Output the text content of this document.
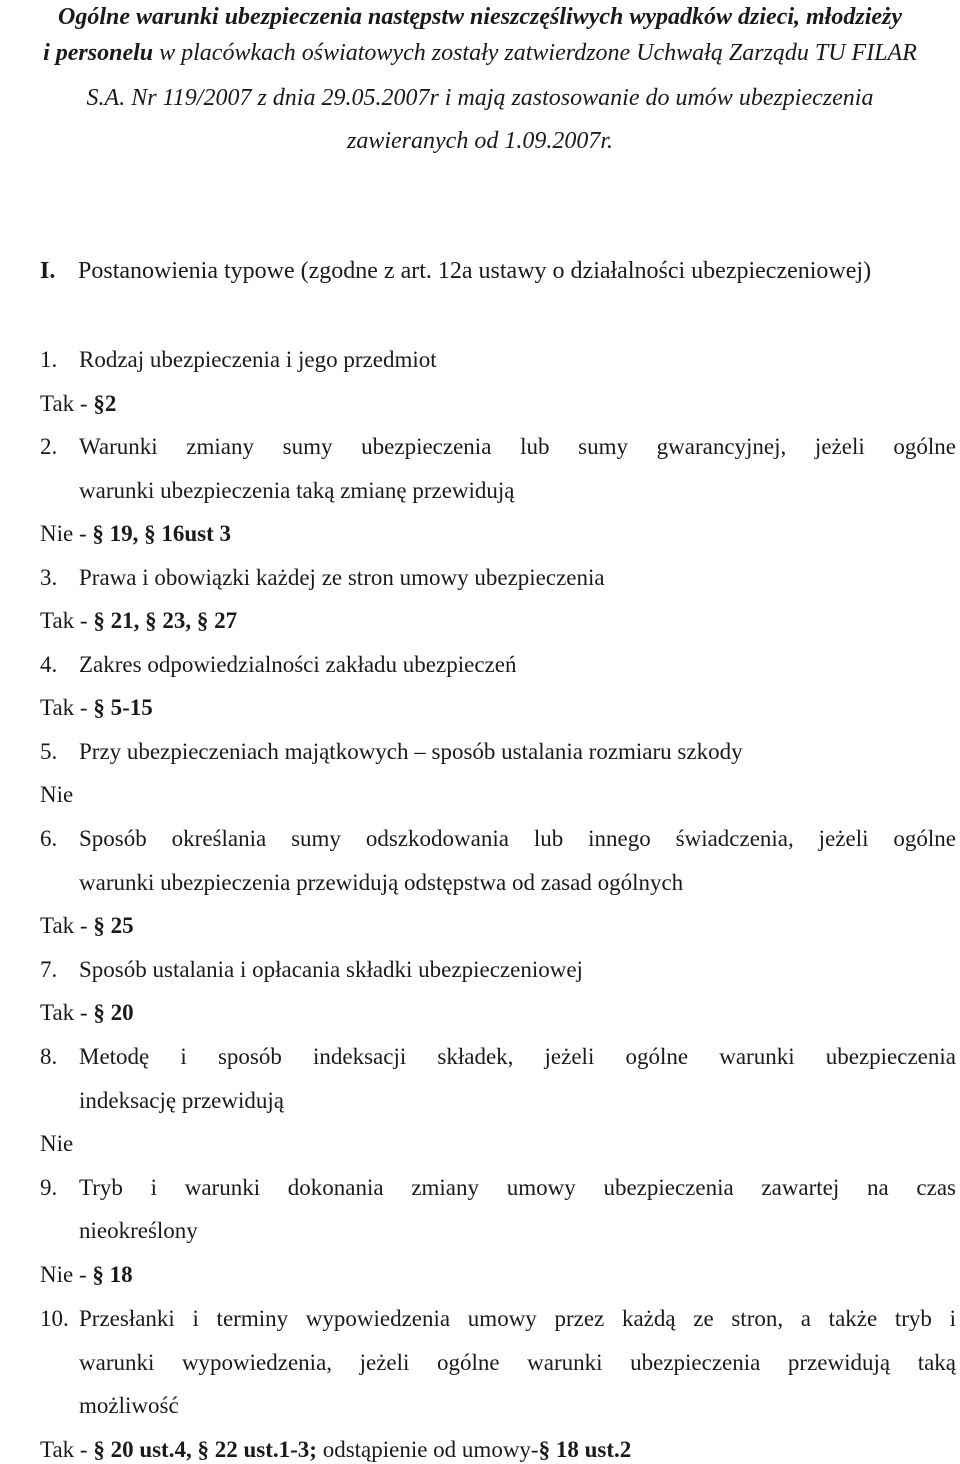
Ogólne warunki ubezpieczenia następstw nieszczęśliwych wypadków dzieci, młodzieży
i personelu w placówkach oświatowych zostały zatwierdzone Uchwałą Zarządu TU FILAR
S.A. Nr 119/2007 z dnia 29.05.2007r i mają zastosowanie do umów ubezpieczenia
zawieranych od 1.09.2007r.
I. Postanowienia typowe (zgodne z art. 12a ustawy o działalności ubezpieczeniowej)
1. Rodzaj ubezpieczenia i jego przedmiot
Tak - §2
2. Warunki zmiany sumy ubezpieczenia lub sumy gwarancyjnej, jeżeli ogólne
warunki ubezpieczenia taką zmianę przewidują
Nie - § 19, § 16ust 3
3. Prawa i obowiązki każdej ze stron umowy ubezpieczenia
Tak - § 21, § 23, § 27
4. Zakres odpowiedzialności zakładu ubezpieczeń
Tak - § 5-15
5. Przy ubezpieczeniach majątkowych – sposób ustalania rozmiaru szkody
Nie
6. Sposób określania sumy odszkodowania lub innego świadczenia, jeżeli ogólne
warunki ubezpieczenia przewidują odstępstwa od zasad ogólnych
Tak - § 25
7. Sposób ustalania i opłacania składki ubezpieczeniowej
Tak - § 20
8. Metodę i sposób indeksacji składek, jeżeli ogólne warunki ubezpieczenia
indeksację przewidują
Nie
9. Tryb i warunki dokonania zmiany umowy ubezpieczenia zawartej na czas
nieokreślony
Nie - § 18
10. Przesłanki i terminy wypowiedzenia umowy przez każdą ze stron, a także tryb i
warunki wypowiedzenia, jeżeli ogólne warunki ubezpieczenia przewidują taką
możliwość
Tak - § 20 ust.4, § 22 ust.1-3; odstąpienie od umowy-§ 18 ust.2
